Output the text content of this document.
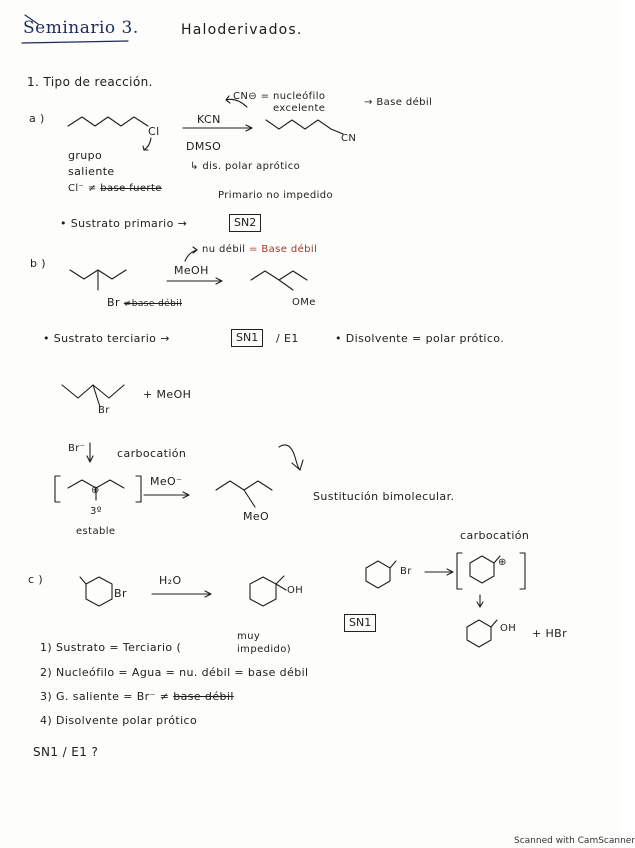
Seminario 3.	Haloderivados.
1. Tipo de reacción.
a )
Cl
KCN
DMSO
CN
CN⊖ = nucleófilo
excelente
→ Base débil
grupo
saliente
Cl⁻ ≠ base fuerte
↳ dis. polar aprótico
Primario no impedido
• Sustrato primario →	SN2
b )
nu débil = Base débil
MeOH
Br ≠base débil	OMe
• Sustrato terciario →	SN1	/ E1	• Disolvente = polar prótico.
Br
+ MeOH
Br⁻	carbocatión
⊕
3º
estable
MeO⁻
MeO
Sustitución bimolecular.
c )
Br
H₂O
OH
Br
carbocatión
⊕
SN1	OH + HBr
muy
1) Sustrato = Terciario (	impedido)
2) Nucleófilo = Agua = nu. débil = base débil
3) G. saliente = Br⁻ ≠ base débil
4) Disolvente polar prótico
SN1 / E1 ?
Scanned with CamScanner
